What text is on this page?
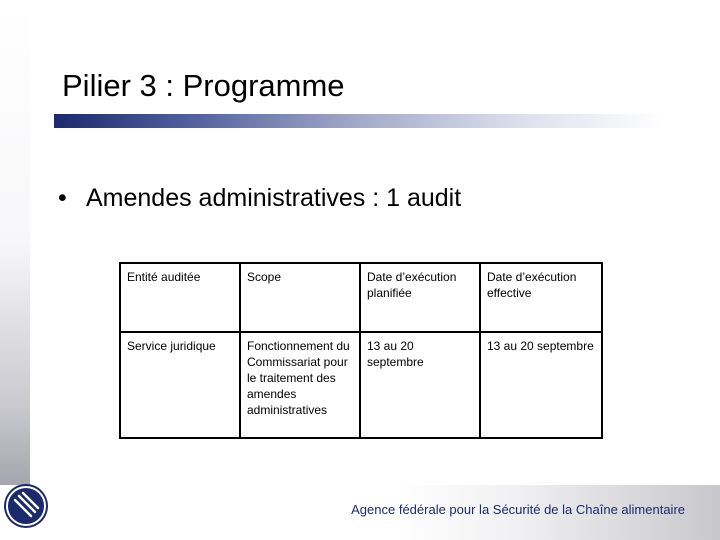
Pilier 3 : Programme
• Amendes administratives : 1 audit
Entité auditée	Scope	Date d’exécution planifiée	Date d’exécution effective
Service juridique	Fonctionnement du Commissariat pour le traitement des amendes administratives	13 au 20 septembre	13 au 20 septembre
Agence fédérale pour la Sécurité de la Chaîne alimentaire
